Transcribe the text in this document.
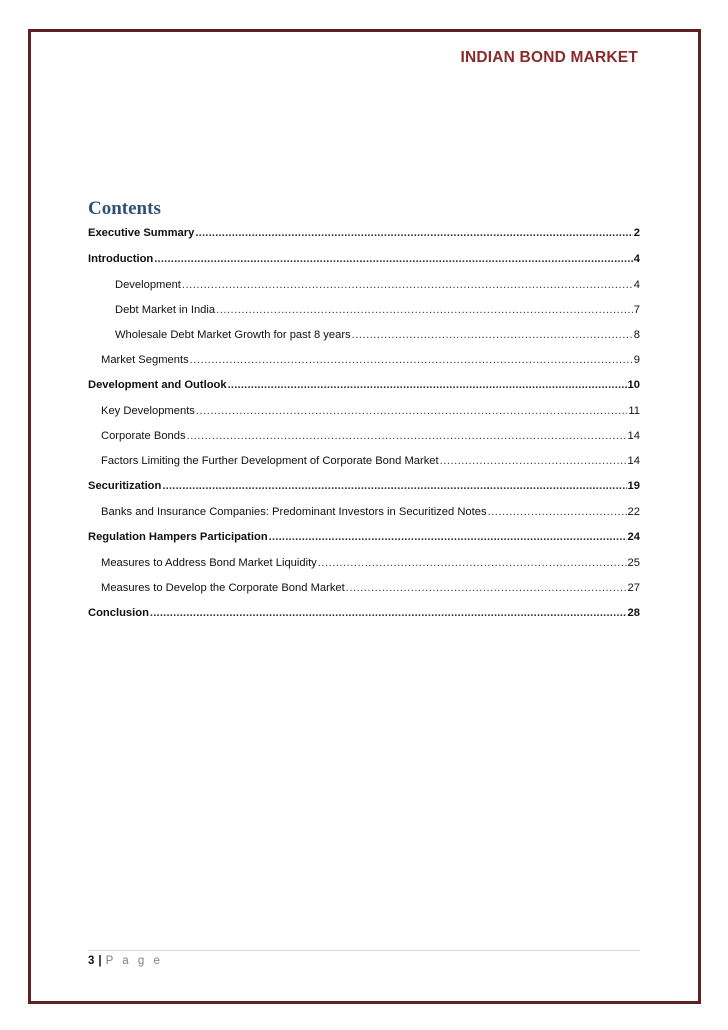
INDIAN BOND MARKET
Contents
Executive Summary .....	2
Introduction .....	4
Development .....	4
Debt Market in India .....	7
Wholesale Debt Market Growth for past 8 years .....	8
Market Segments .....	9
Development and Outlook .....	10
Key Developments .....	11
Corporate Bonds .....	14
Factors Limiting the Further Development of Corporate Bond Market .....	14
Securitization .....	19
Banks and Insurance Companies: Predominant Investors in Securitized Notes .....	22
Regulation Hampers Participation .....	24
Measures to Address Bond Market Liquidity .....	25
Measures to Develop the Corporate Bond Market .....	27
Conclusion .....	28
3 | P a g e
